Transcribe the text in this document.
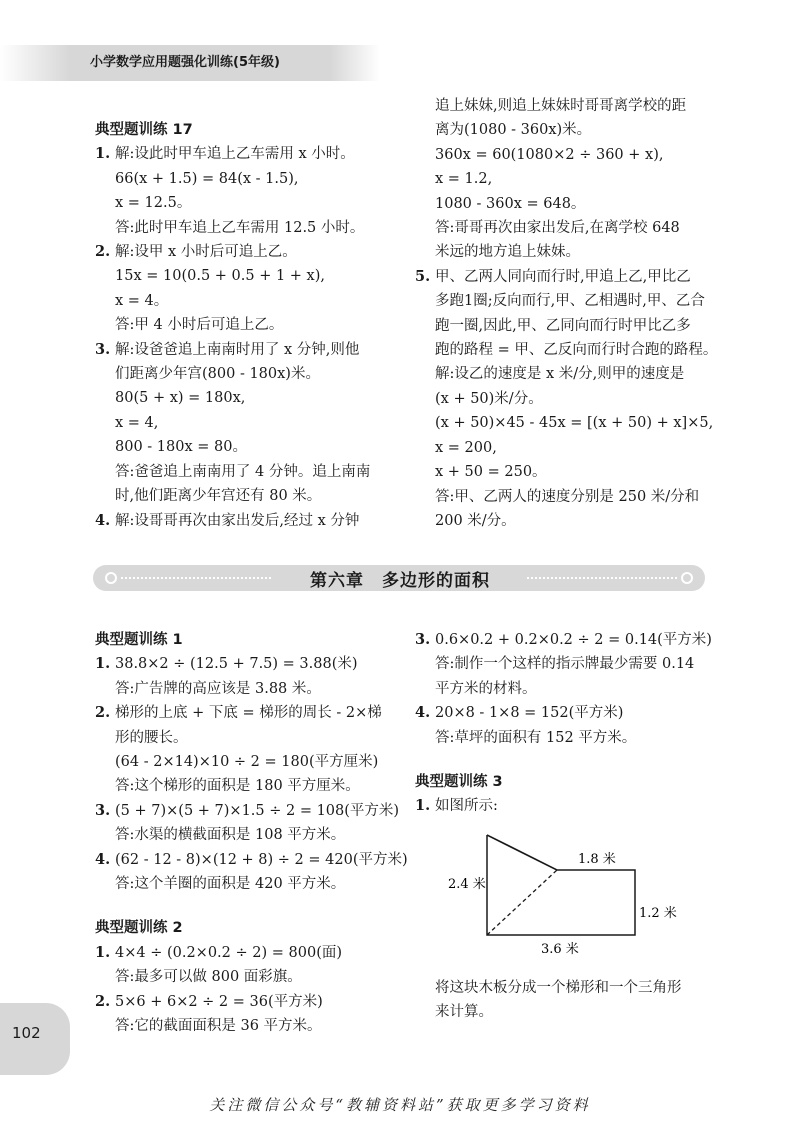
小学数学应用题强化训练(5年级)
典型题训练 17
1. 解:设此时甲车追上乙车需用 x 小时。
66(x + 1.5) = 84(x - 1.5),
x = 12.5。
答:此时甲车追上乙车需用 12.5 小时。
2. 解:设甲 x 小时后可追上乙。
15x = 10(0.5 + 0.5 + 1 + x),
x = 4。
答:甲 4 小时后可追上乙。
3. 解:设爸爸追上南南时用了 x 分钟,则他
们距离少年宫(800 - 180x)米。
80(5 + x) = 180x,
x = 4,
800 - 180x = 80。
答:爸爸追上南南用了 4 分钟。追上南南
时,他们距离少年宫还有 80 米。
4. 解:设哥哥再次由家出发后,经过 x 分钟
追上妹妹,则追上妹妹时哥哥离学校的距
离为(1080 - 360x)米。
360x = 60(1080×2 ÷ 360 + x),
x = 1.2,
1080 - 360x = 648。
答:哥哥再次由家出发后,在离学校 648
米远的地方追上妹妹。
5. 甲、乙两人同向而行时,甲追上乙,甲比乙
多跑1圈;反向而行,甲、乙相遇时,甲、乙合
跑一圈,因此,甲、乙同向而行时甲比乙多
跑的路程 = 甲、乙反向而行时合跑的路程。
解:设乙的速度是 x 米/分,则甲的速度是
(x + 50)米/分。
(x + 50)×45 - 45x = [(x + 50) + x]×5,
x = 200,
x + 50 = 250。
答:甲、乙两人的速度分别是 250 米/分和
200 米/分。
第六章　多边形的面积
典型题训练 1
1. 38.8×2 ÷ (12.5 + 7.5) = 3.88(米)
答:广告牌的高应该是 3.88 米。
2. 梯形的上底 + 下底 = 梯形的周长 - 2×梯
形的腰长。
(64 - 2×14)×10 ÷ 2 = 180(平方厘米)
答:这个梯形的面积是 180 平方厘米。
3. (5 + 7)×(5 + 7)×1.5 ÷ 2 = 108(平方米)
答:水渠的横截面积是 108 平方米。
4. (62 - 12 - 8)×(12 + 8) ÷ 2 = 420(平方米)
答:这个羊圈的面积是 420 平方米。
典型题训练 2
1. 4×4 ÷ (0.2×0.2 ÷ 2) = 800(面)
答:最多可以做 800 面彩旗。
2. 5×6 + 6×2 ÷ 2 = 36(平方米)
答:它的截面面积是 36 平方米。
3. 0.6×0.2 + 0.2×0.2 ÷ 2 = 0.14(平方米)
答:制作一个这样的指示牌最少需要 0.14
平方米的材料。
4. 20×8 - 1×8 = 152(平方米)
答:草坪的面积有 152 平方米。
典型题训练 3
1. 如图所示:
2.4 米
1.8 米
1.2 米
3.6 米
将这块木板分成一个梯形和一个三角形
来计算。
102
关注微信公众号“教辅资料站”获取更多学习资料
